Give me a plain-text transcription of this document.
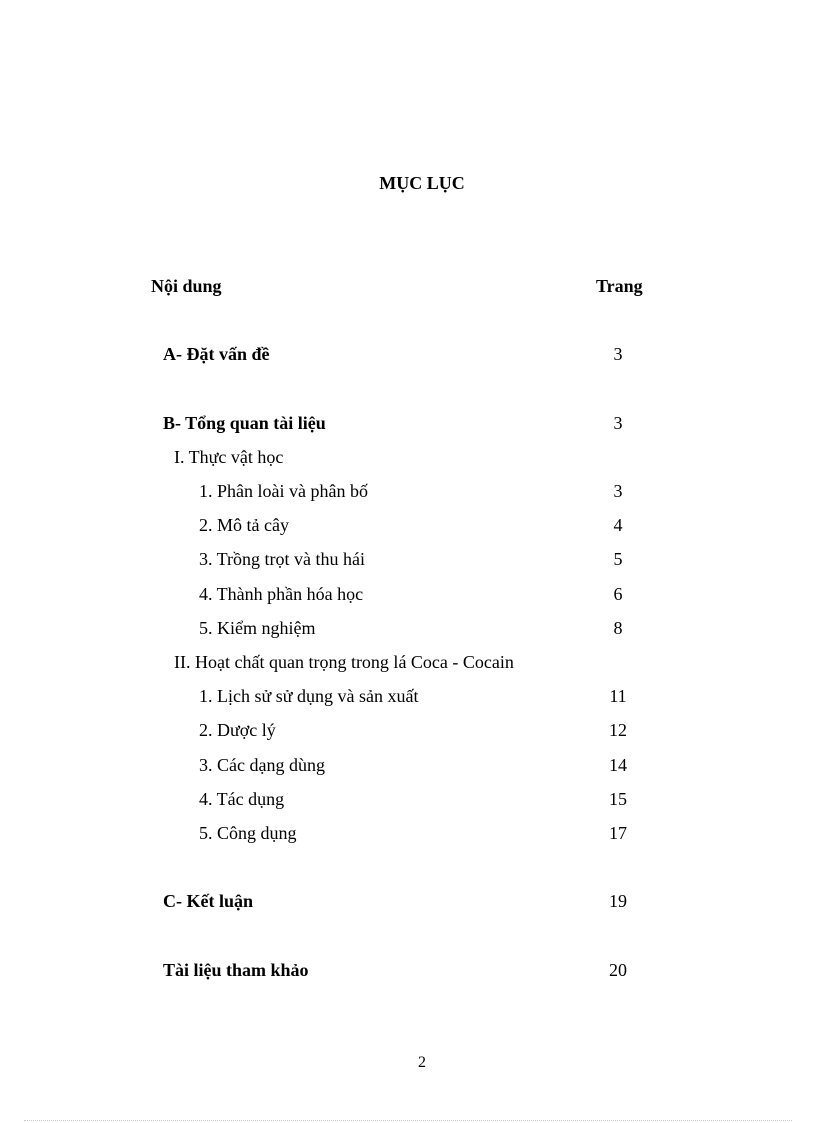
MỤC LỤC
Nội dung	Trang
A- Đặt vấn đề	3
B- Tổng quan tài liệu	3
I. Thực vật học
1. Phân loài và phân bố	3
2. Mô tả cây	4
3. Trồng trọt và thu hái	5
4. Thành phần hóa học	6
5. Kiểm nghiệm	8
II. Hoạt chất quan trọng trong lá Coca - Cocain
1. Lịch sử sử dụng và sản xuất	11
2. Dược lý	12
3. Các dạng dùng	14
4. Tác dụng	15
5. Công dụng	17
C- Kết luận	19
Tài liệu tham khảo	20
2
